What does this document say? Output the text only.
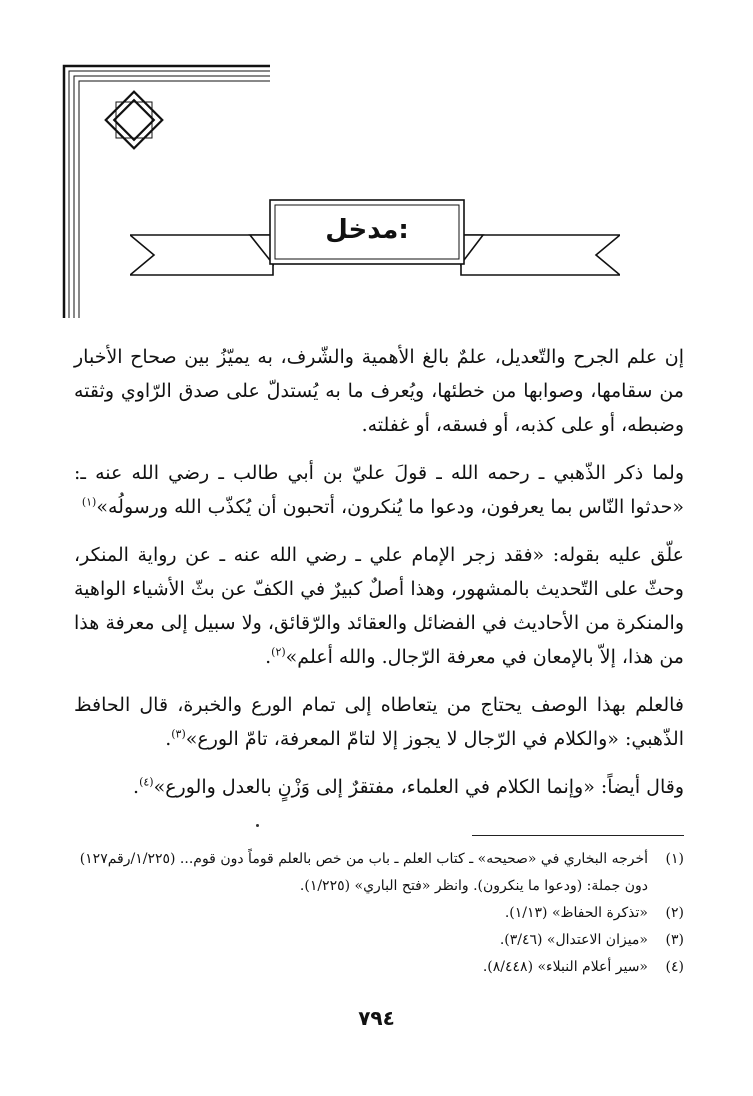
مدخل:

إن علم الجرح والتّعديل، علمٌ بالغ الأهمية والشّرف، به يميّزُ بين صحاح الأخبار من سقامها، وصوابها من خطئها، ويُعرف ما به يُستدلّ على صدق الرّاوي وثقته وضبطه، أو على كذبه، أو فسقه، أو غفلته.

ولما ذكر الذّهبي ـ رحمه الله ـ قولَ عليّ بن أبي طالب ـ رضي الله عنه ـ: «حدثوا النّاس بما يعرفون، ودعوا ما يُنكرون، أتحبون أن يُكذّب الله ورسولُه»$^{(١)}$

علّق عليه بقوله: «فقد زجر الإمام علي ـ رضي الله عنه ـ عن رواية المنكر، وحثّ على التّحديث بالمشهور، وهذا أصلٌ كبيرٌ في الكفّ عن بثّ الأشياء الواهية والمنكرة من الأحاديث في الفضائل والعقائد والرّقائق، ولا سبيل إلى معرفة هذا من هذا، إلاّ بالإمعان في معرفة الرّجال. والله أعلم»$^{(٢)}$.

فالعلم بهذا الوصف يحتاج من يتعاطاه إلى تمام الورع والخبرة، قال الحافظ الذّهبي: «والكلام في الرّجال لا يجوز إلا لتامّ المعرفة، تامّ الورع»$^{(٣)}$.

وقال أيضاً: «وإنما الكلام في العلماء، مفتقرٌ إلى وَزْنٍ بالعدل والورع»$^{(٤)}$.

(١)
أخرجه البخاري في «صحيحه» ـ كتاب العلم ـ باب من خص بالعلم قوماً دون قوم... (١/٢٢٥/رقم١٢٧) دون جملة: (ودعوا ما ينكرون). وانظر «فتح الباري» (١/٢٢٥).
(٢)
«تذكرة الحفاظ» (١/١٣).
(٣)
«ميزان الاعتدال» (٣/٤٦).
(٤)
«سير أعلام النبلاء» (٨/٤٤٨).
٧٩٤
